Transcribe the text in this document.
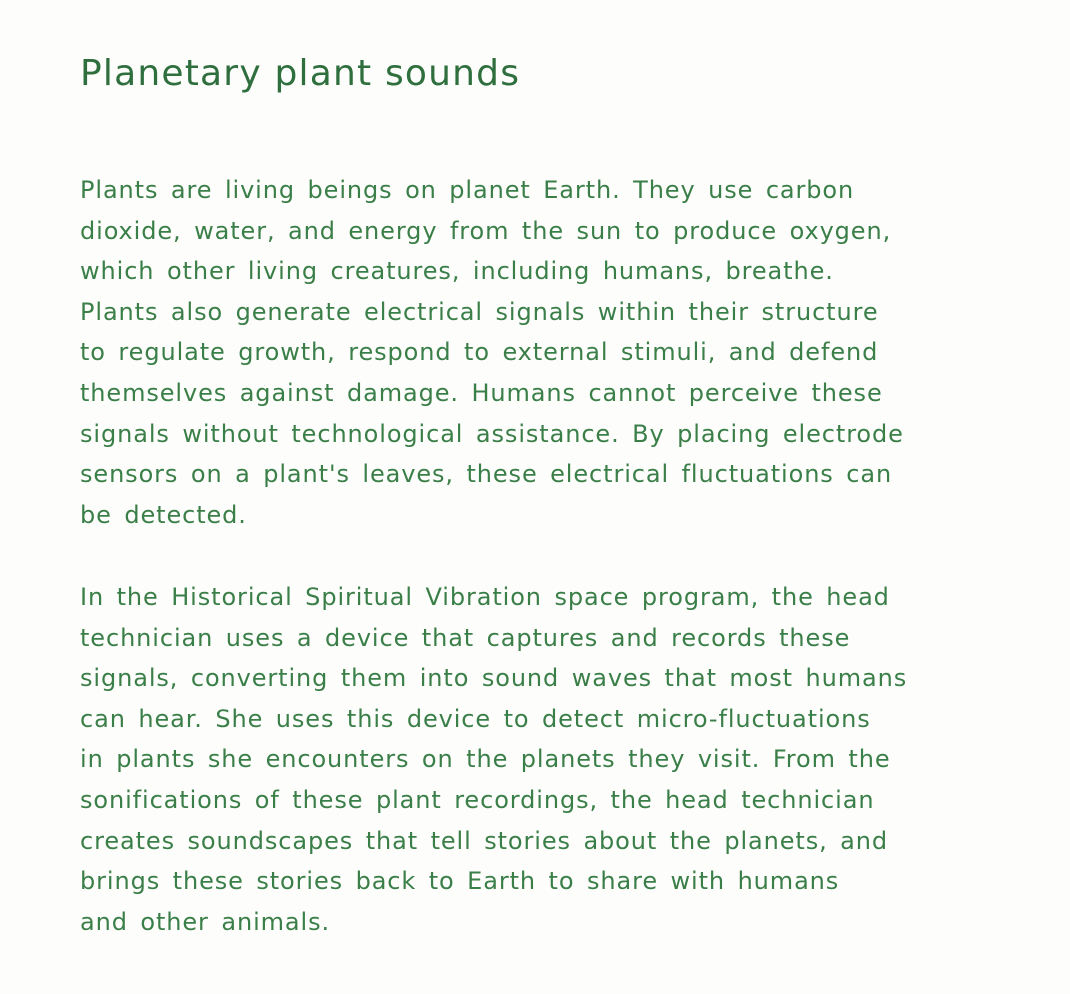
Planetary plant sounds

Plants are living beings on planet Earth. They use carbon
dioxide, water, and energy from the sun to produce oxygen,
which other living creatures, including humans, breathe.
Plants also generate electrical signals within their structure
to regulate growth, respond to external stimuli, and defend
themselves against damage. Humans cannot perceive these
signals without technological assistance. By placing electrode
sensors on a plant's leaves, these electrical fluctuations can
be detected.

In the Historical Spiritual Vibration space program, the head
technician uses a device that captures and records these
signals, converting them into sound waves that most humans
can hear. She uses this device to detect micro-fluctuations
in plants she encounters on the planets they visit. From the
sonifications of these plant recordings, the head technician
creates soundscapes that tell stories about the planets, and
brings these stories back to Earth to share with humans
and other animals.
